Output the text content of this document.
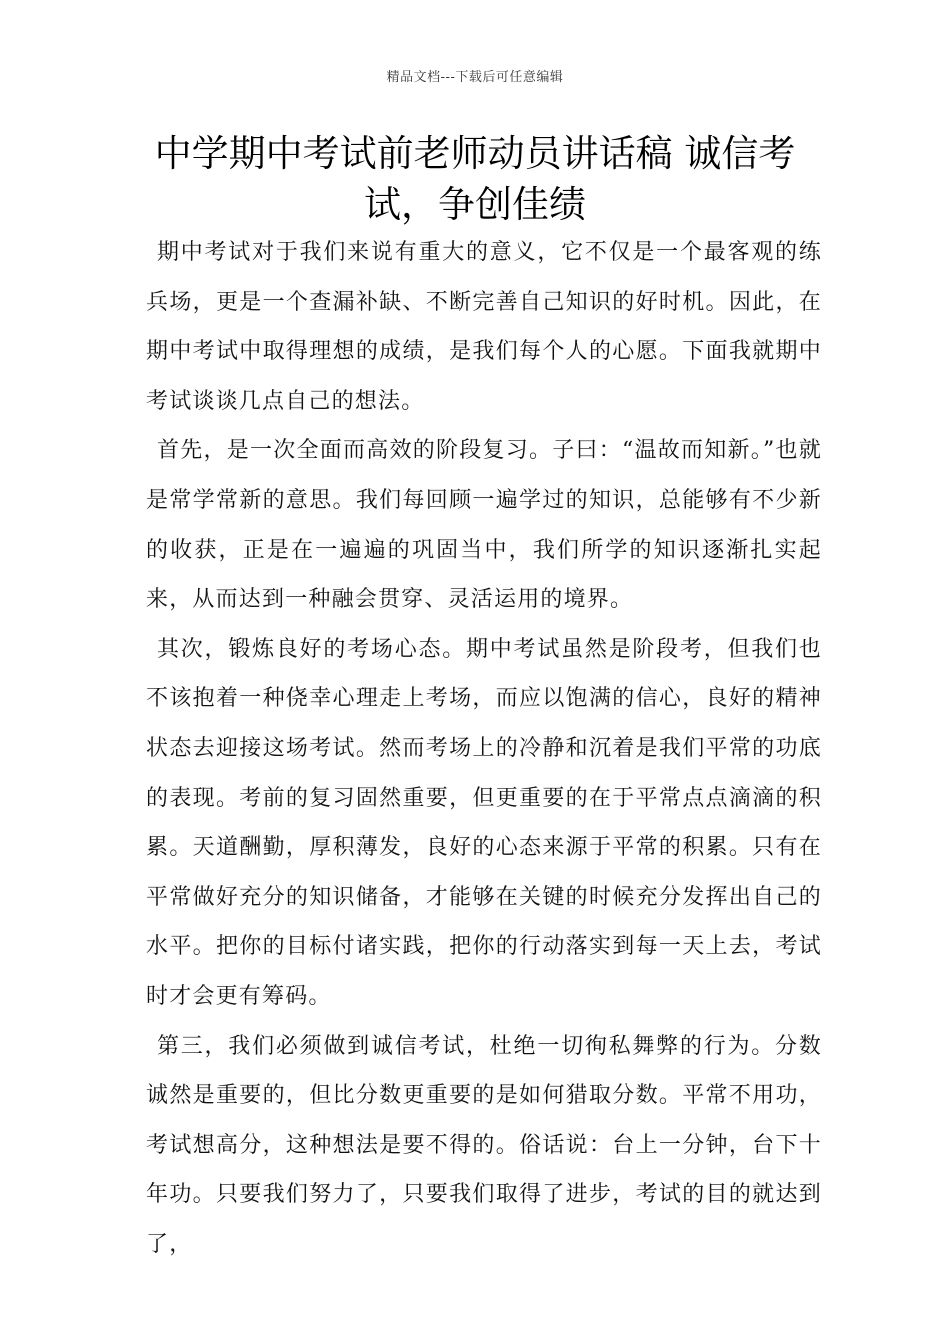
精品文档---下载后可任意编辑
中学期中考试前老师动员讲话稿 诚信考试，争创佳绩

期中考试对于我们来说有重大的意义，它不仅是一个最客观的练兵场，更是一个查漏补缺、不断完善自己知识的好时机。因此，在期中考试中取得理想的成绩，是我们每个人的心愿。下面我就期中考试谈谈几点自己的想法。

首先，是一次全面而高效的阶段复习。子曰：“温故而知新。”也就是常学常新的意思。我们每回顾一遍学过的知识，总能够有不少新的收获，正是在一遍遍的巩固当中，我们所学的知识逐渐扎实起来，从而达到一种融会贯穿、灵活运用的境界。

其次，锻炼良好的考场心态。期中考试虽然是阶段考，但我们也不该抱着一种侥幸心理走上考场，而应以饱满的信心，良好的精神状态去迎接这场考试。然而考场上的冷静和沉着是我们平常的功底的表现。考前的复习固然重要，但更重要的在于平常点点滴滴的积累。天道酬勤，厚积薄发，良好的心态来源于平常的积累。只有在平常做好充分的知识储备，才能够在关键的时候充分发挥出自己的水平。把你的目标付诸实践，把你的行动落实到每一天上去，考试时才会更有筹码。

第三，我们必须做到诚信考试，杜绝一切徇私舞弊的行为。分数诚然是重要的，但比分数更重要的是如何猎取分数。平常不用功，考试想高分，这种想法是要不得的。俗话说：台上一分钟，台下十年功。只要我们努力了，只要我们取得了进步，考试的目的就达到了，
